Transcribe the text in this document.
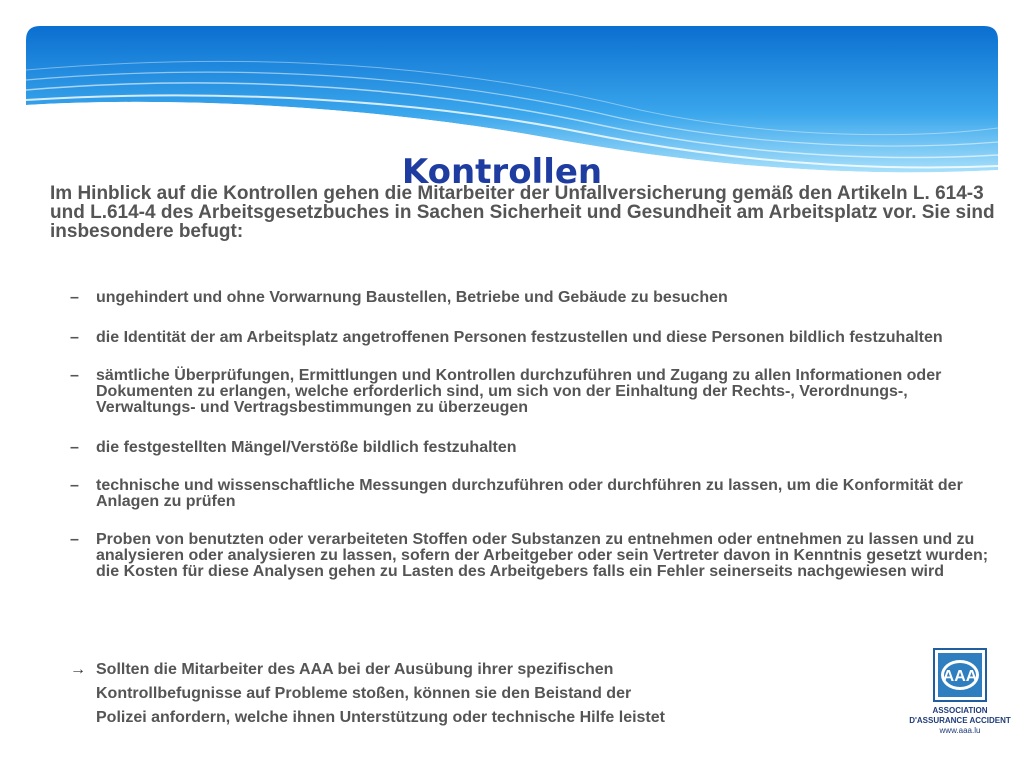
Kontrollen

Im Hinblick auf die Kontrollen gehen die Mitarbeiter der Unfallversicherung gemäß den Artikeln L. 614-3 und L.614-4 des Arbeitsgesetzbuches in Sachen Sicherheit und Gesundheit am Arbeitsplatz vor. Sie sind insbesondere befugt:

– ungehindert und ohne Vorwarnung Baustellen, Betriebe und Gebäude zu besuchen
– die Identität der am Arbeitsplatz angetroffenen Personen festzustellen und diese Personen bildlich festzuhalten
– sämtliche Überprüfungen, Ermittlungen und Kontrollen durchzuführen und Zugang zu allen Informationen oder Dokumenten zu erlangen, welche erforderlich sind, um sich von der Einhaltung der Rechts-, Verordnungs-, Verwaltungs- und Vertragsbestimmungen zu überzeugen
– die festgestellten Mängel/Verstöße bildlich festzuhalten
– technische und wissenschaftliche Messungen durchzuführen oder durchführen zu lassen, um die Konformität der Anlagen zu prüfen
– Proben von benutzten oder verarbeiteten Stoffen oder Substanzen zu entnehmen oder entnehmen zu lassen und zu analysieren oder analysieren zu lassen, sofern der Arbeitgeber oder sein Vertreter davon in Kenntnis gesetzt wurden; die Kosten für diese Analysen gehen zu Lasten des Arbeitgebers falls ein Fehler seinerseits nachgewiesen wird
→ Sollten die Mitarbeiter des AAA bei der Ausübung ihrer spezifischen
Kontrollbefugnisse auf Probleme stoßen, können sie den Beistand der
Polizei anfordern, welche ihnen Unterstützung oder technische Hilfe leistet
AAA
ASSOCIATION
D'ASSURANCE ACCIDENT
www.aaa.lu
